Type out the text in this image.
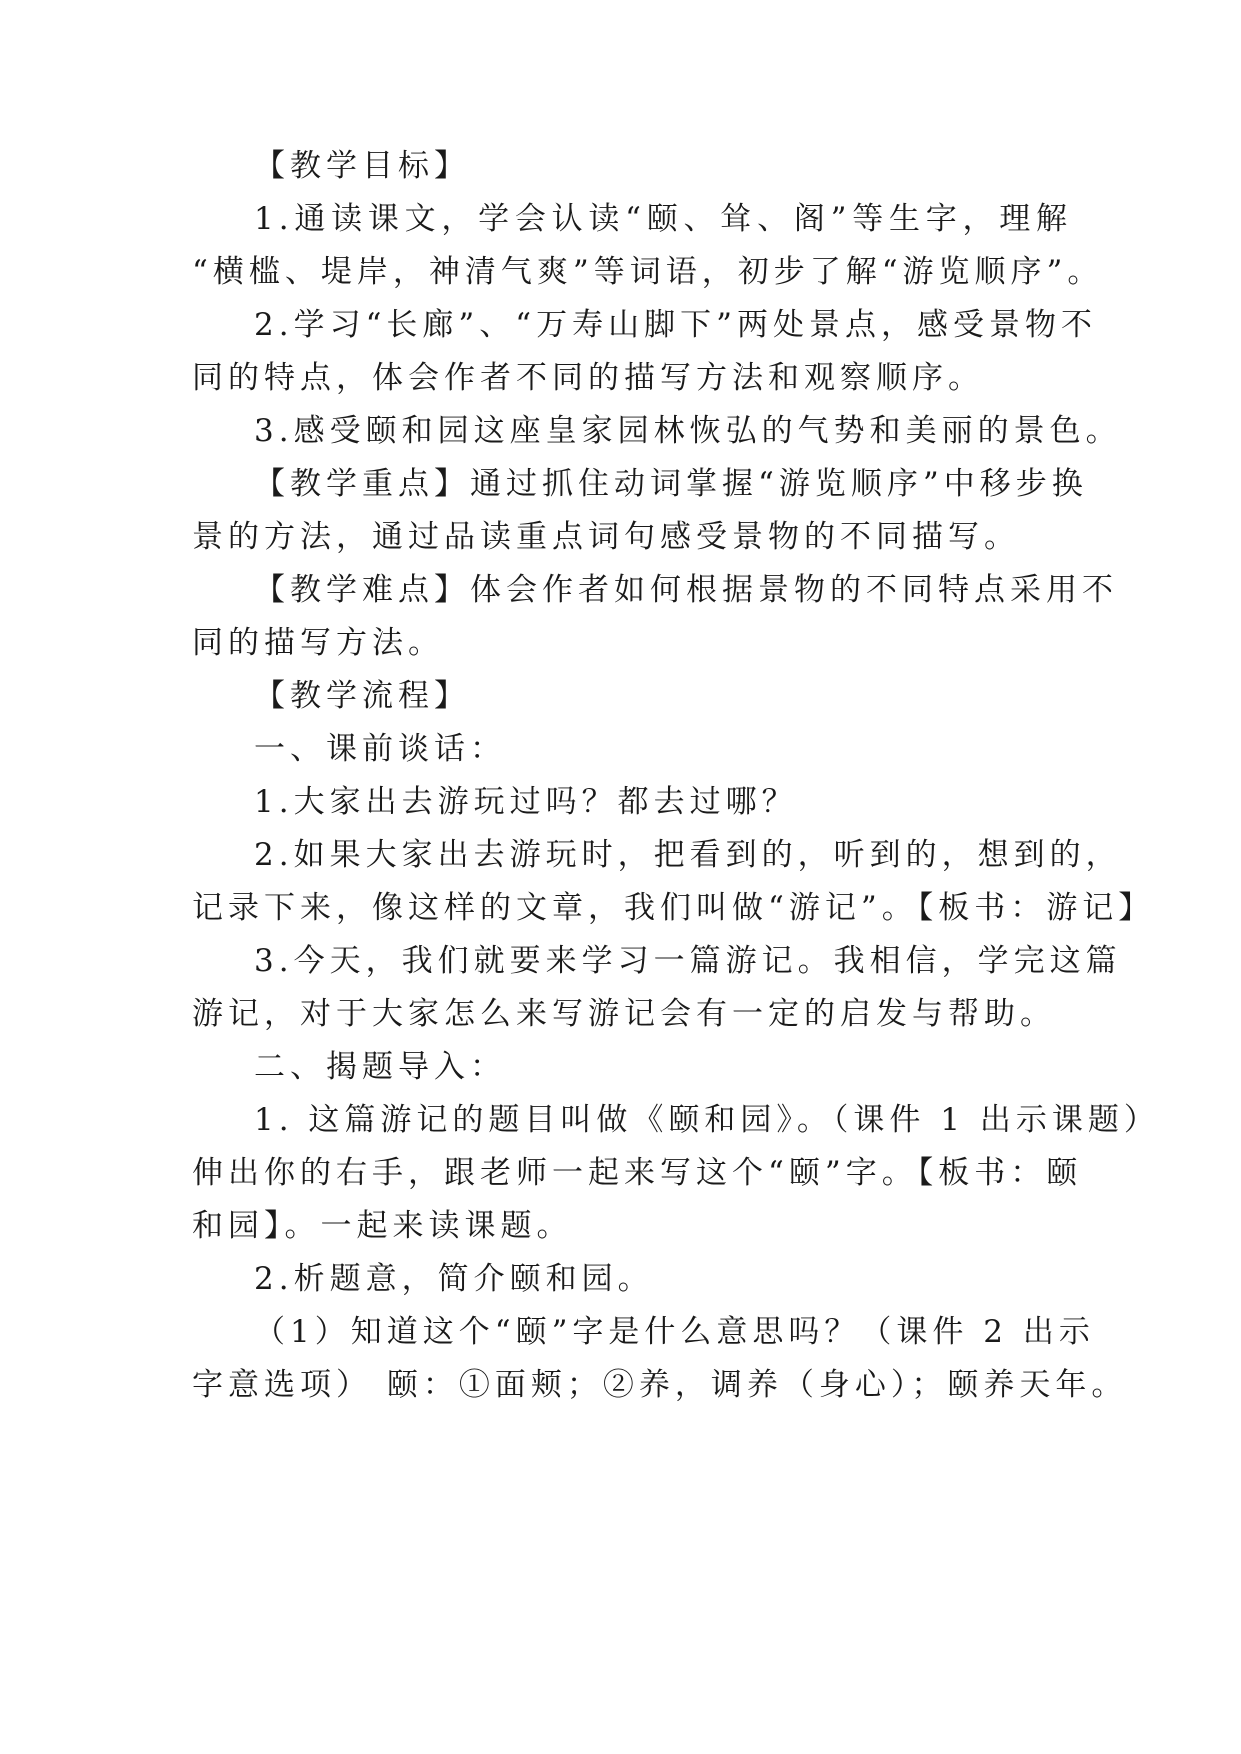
【教学目标】
1.通读课文，学会认读“颐、耸、阁”等生字，理解
“横槛、堤岸，神清气爽”等词语，初步了解“游览顺序”。
2.学习“长廊”、“万寿山脚下”两处景点，感受景物不
同的特点，体会作者不同的描写方法和观察顺序。
3.感受颐和园这座皇家园林恢弘的气势和美丽的景色。
【教学重点】通过抓住动词掌握“游览顺序”中移步换
景的方法，通过品读重点词句感受景物的不同描写。
【教学难点】体会作者如何根据景物的不同特点采用不
同的描写方法。
【教学流程】
一、课前谈话：
1.大家出去游玩过吗？都去过哪？
2.如果大家出去游玩时，把看到的，听到的，想到的，
记录下来，像这样的文章，我们叫做“游记”。【板书：游记】
3.今天，我们就要来学习一篇游记。我相信，学完这篇
游记，对于大家怎么来写游记会有一定的启发与帮助。
二、揭题导入：
1. 这篇游记的题目叫做《颐和园》。（课件 1 出示课题）
伸出你的右手，跟老师一起来写这个“颐”字。【板书：颐
和园】。一起来读课题。
2.析题意，简介颐和园。
（1）知道这个“颐”字是什么意思吗？（课件 2 出示
字意选项） 颐：①面颊；②养，调养（身心）；颐养天年。
